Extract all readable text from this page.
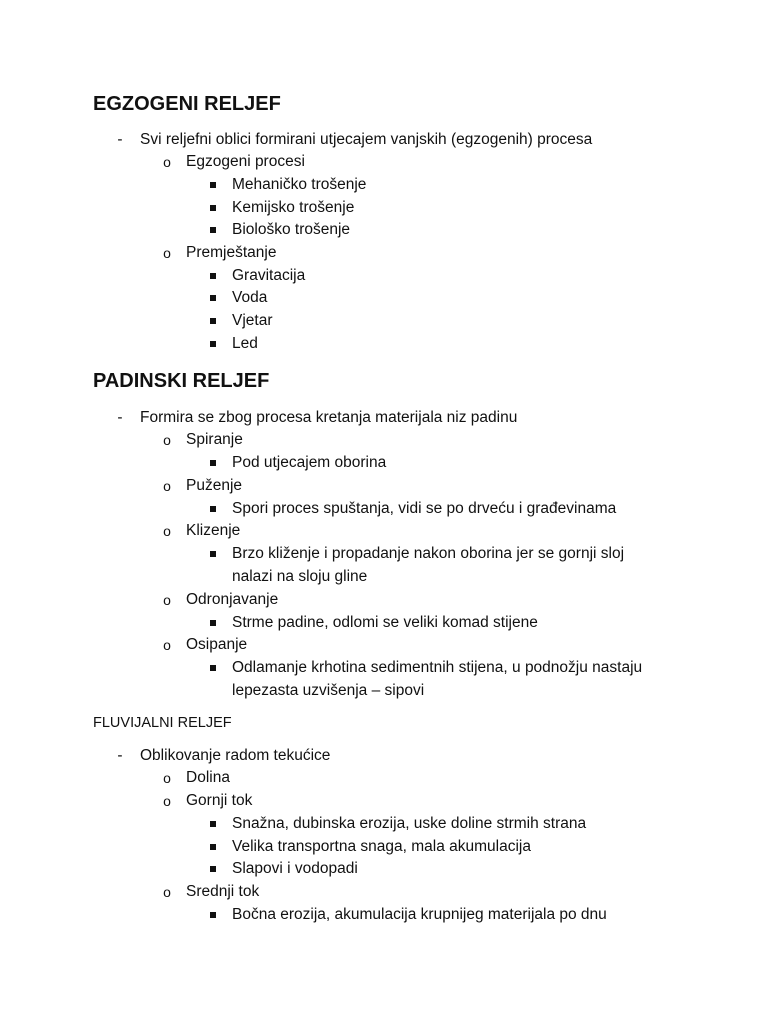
EGZOGENI RELJEF
- Svi reljefni oblici formirani utjecajem vanjskih (egzogenih) procesa
o Egzogeni procesi
Mehaničko trošenje
Kemijsko trošenje
Biološko trošenje
o Premještanje
Gravitacija
Voda
Vjetar
Led
PADINSKI RELJEF
- Formira se zbog procesa kretanja materijala niz padinu
o Spiranje
Pod utjecajem oborina
o Puženje
Spori proces spuštanja, vidi se po drveću i građevinama
o Klizenje
Brzo kliženje i propadanje nakon oborina jer se gornji sloj
nalazi na sloju gline
o Odronjavanje
Strme padine, odlomi se veliki komad stijene
o Osipanje
Odlamanje krhotina sedimentnih stijena, u podnožju nastaju
lepezasta uzvišenja – sipovi
FLUVIJALNI RELJEF
- Oblikovanje radom tekućice
o Dolina
o Gornji tok
Snažna, dubinska erozija, uske doline strmih strana
Velika transportna snaga, mala akumulacija
Slapovi i vodopadi
o Srednji tok
Bočna erozija, akumulacija krupnijeg materijala po dnu
